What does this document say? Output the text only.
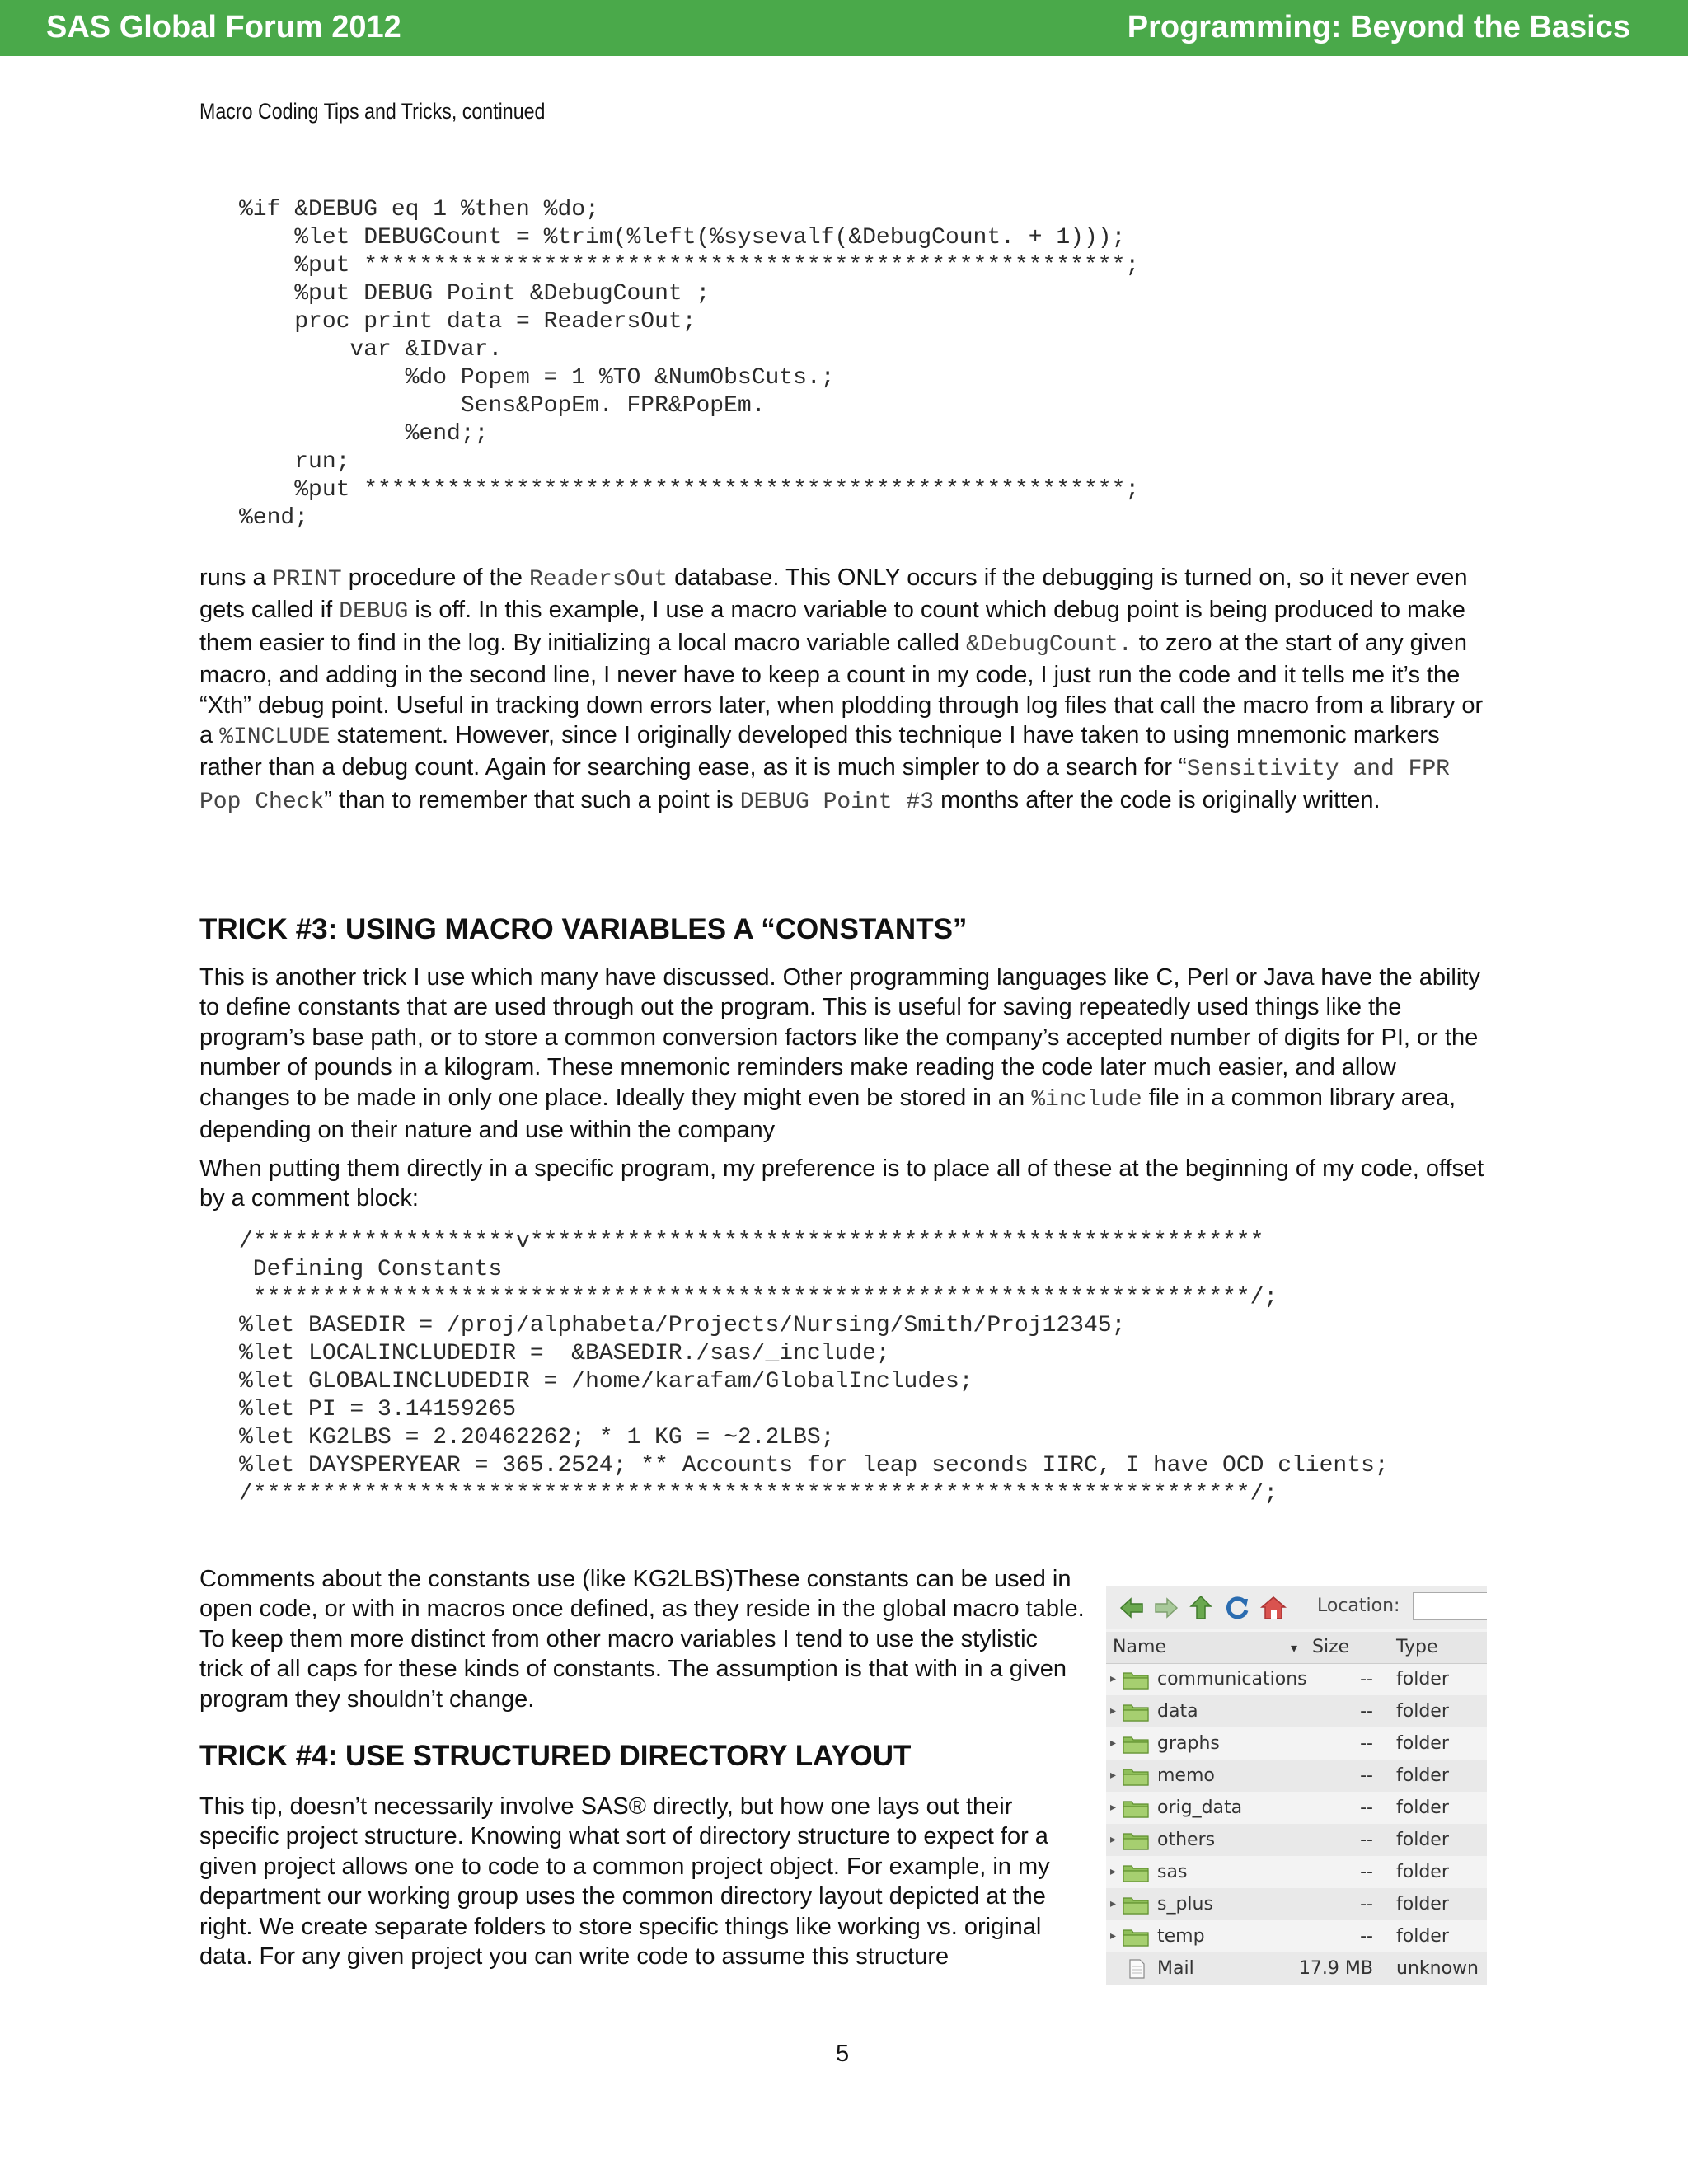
SAS Global Forum 2012	Programming: Beyond the Basics
Macro Coding Tips and Tricks, continued
%if &DEBUG eq 1 %then %do;
%let DEBUGCount = %trim(%left(%sysevalf(&DebugCount. + 1)));
%put *******************************************************;
%put DEBUG Point &DebugCount ;
proc print data = ReadersOut;
var &IDvar.
%do Popem = 1 %TO &NumObsCuts.;
Sens&PopEm. FPR&PopEm.
%end;;
run;
%put *******************************************************;
%end;

runs a PRINT procedure of the ReadersOut database. This ONLY occurs if the debugging is turned on, so it never even gets called if DEBUG is off. In this example, I use a macro variable to count which debug point is being produced to make them easier to find in the log. By initializing a local macro variable called &DebugCount. to zero at the start of any given macro, and adding in the second line, I never have to keep a count in my code, I just run the code and it tells me it’s the “Xth” debug point. Useful in tracking down errors later, when plodding through log files that call the macro from a library or a %INCLUDE statement. However, since I originally developed this technique I have taken to using mnemonic markers rather than a debug count. Again for searching ease, as it is much simpler to do a search for “Sensitivity and FPR Pop Check” than to remember that such a point is DEBUG Point #3 months after the code is originally written.

TRICK #3: USING MACRO VARIABLES A “CONSTANTS”

This is another trick I use which many have discussed. Other programming languages like C, Perl or Java have the ability to define constants that are used through out the program. This is useful for saving repeatedly used things like the program’s base path, or to store a common conversion factors like the company’s accepted number of digits for PI, or the number of pounds in a kilogram. These mnemonic reminders make reading the code later much easier, and allow changes to be made in only one place. Ideally they might even be stored in an %include file in a common library area, depending on their nature and use within the company

When putting them directly in a specific program, my preference is to place all of these at the beginning of my code, offset by a comment block:

/*******************v*****************************************************
Defining Constants
************************************************************************/;
%let BASEDIR = /proj/alphabeta/Projects/Nursing/Smith/Proj12345;
%let LOCALINCLUDEDIR =  &BASEDIR./sas/_include;
%let GLOBALINCLUDEDIR = /home/karafam/GlobalIncludes;
%let PI = 3.14159265
%let KG2LBS = 2.20462262; * 1 KG = ~2.2LBS;
%let DAYSPERYEAR = 365.2524; ** Accounts for leap seconds IIRC, I have OCD clients;
/************************************************************************/;

Comments about the constants use (like KG2LBS)These constants can be used in open code, or with in macros once defined, as they reside in the global macro table. To keep them more distinct from other macro variables I tend to use the stylistic trick of all caps for these kinds of constants. The assumption is that with in a given program they shouldn’t change.

TRICK #4: USE STRUCTURED DIRECTORY LAYOUT

This tip, doesn’t necessarily involve SAS® directly, but how one lays out their specific project structure. Knowing what sort of directory structure to expect for a given project allows one to code to a common project object. For example, in my department our working group uses the common directory layout depicted at the right. We create separate folders to store specific things like working vs. original data. For any given project you can write code to assume this structure

Location:
Name	▾ Size	Type
▸ communications	-- folder
▸ data	-- folder
▸ graphs	-- folder
▸ memo	-- folder
▸ orig_data	-- folder
▸ others	-- folder
▸ sas	-- folder
▸ s_plus	-- folder
▸ temp	-- folder
Mail	17.9 MB unknown
5
